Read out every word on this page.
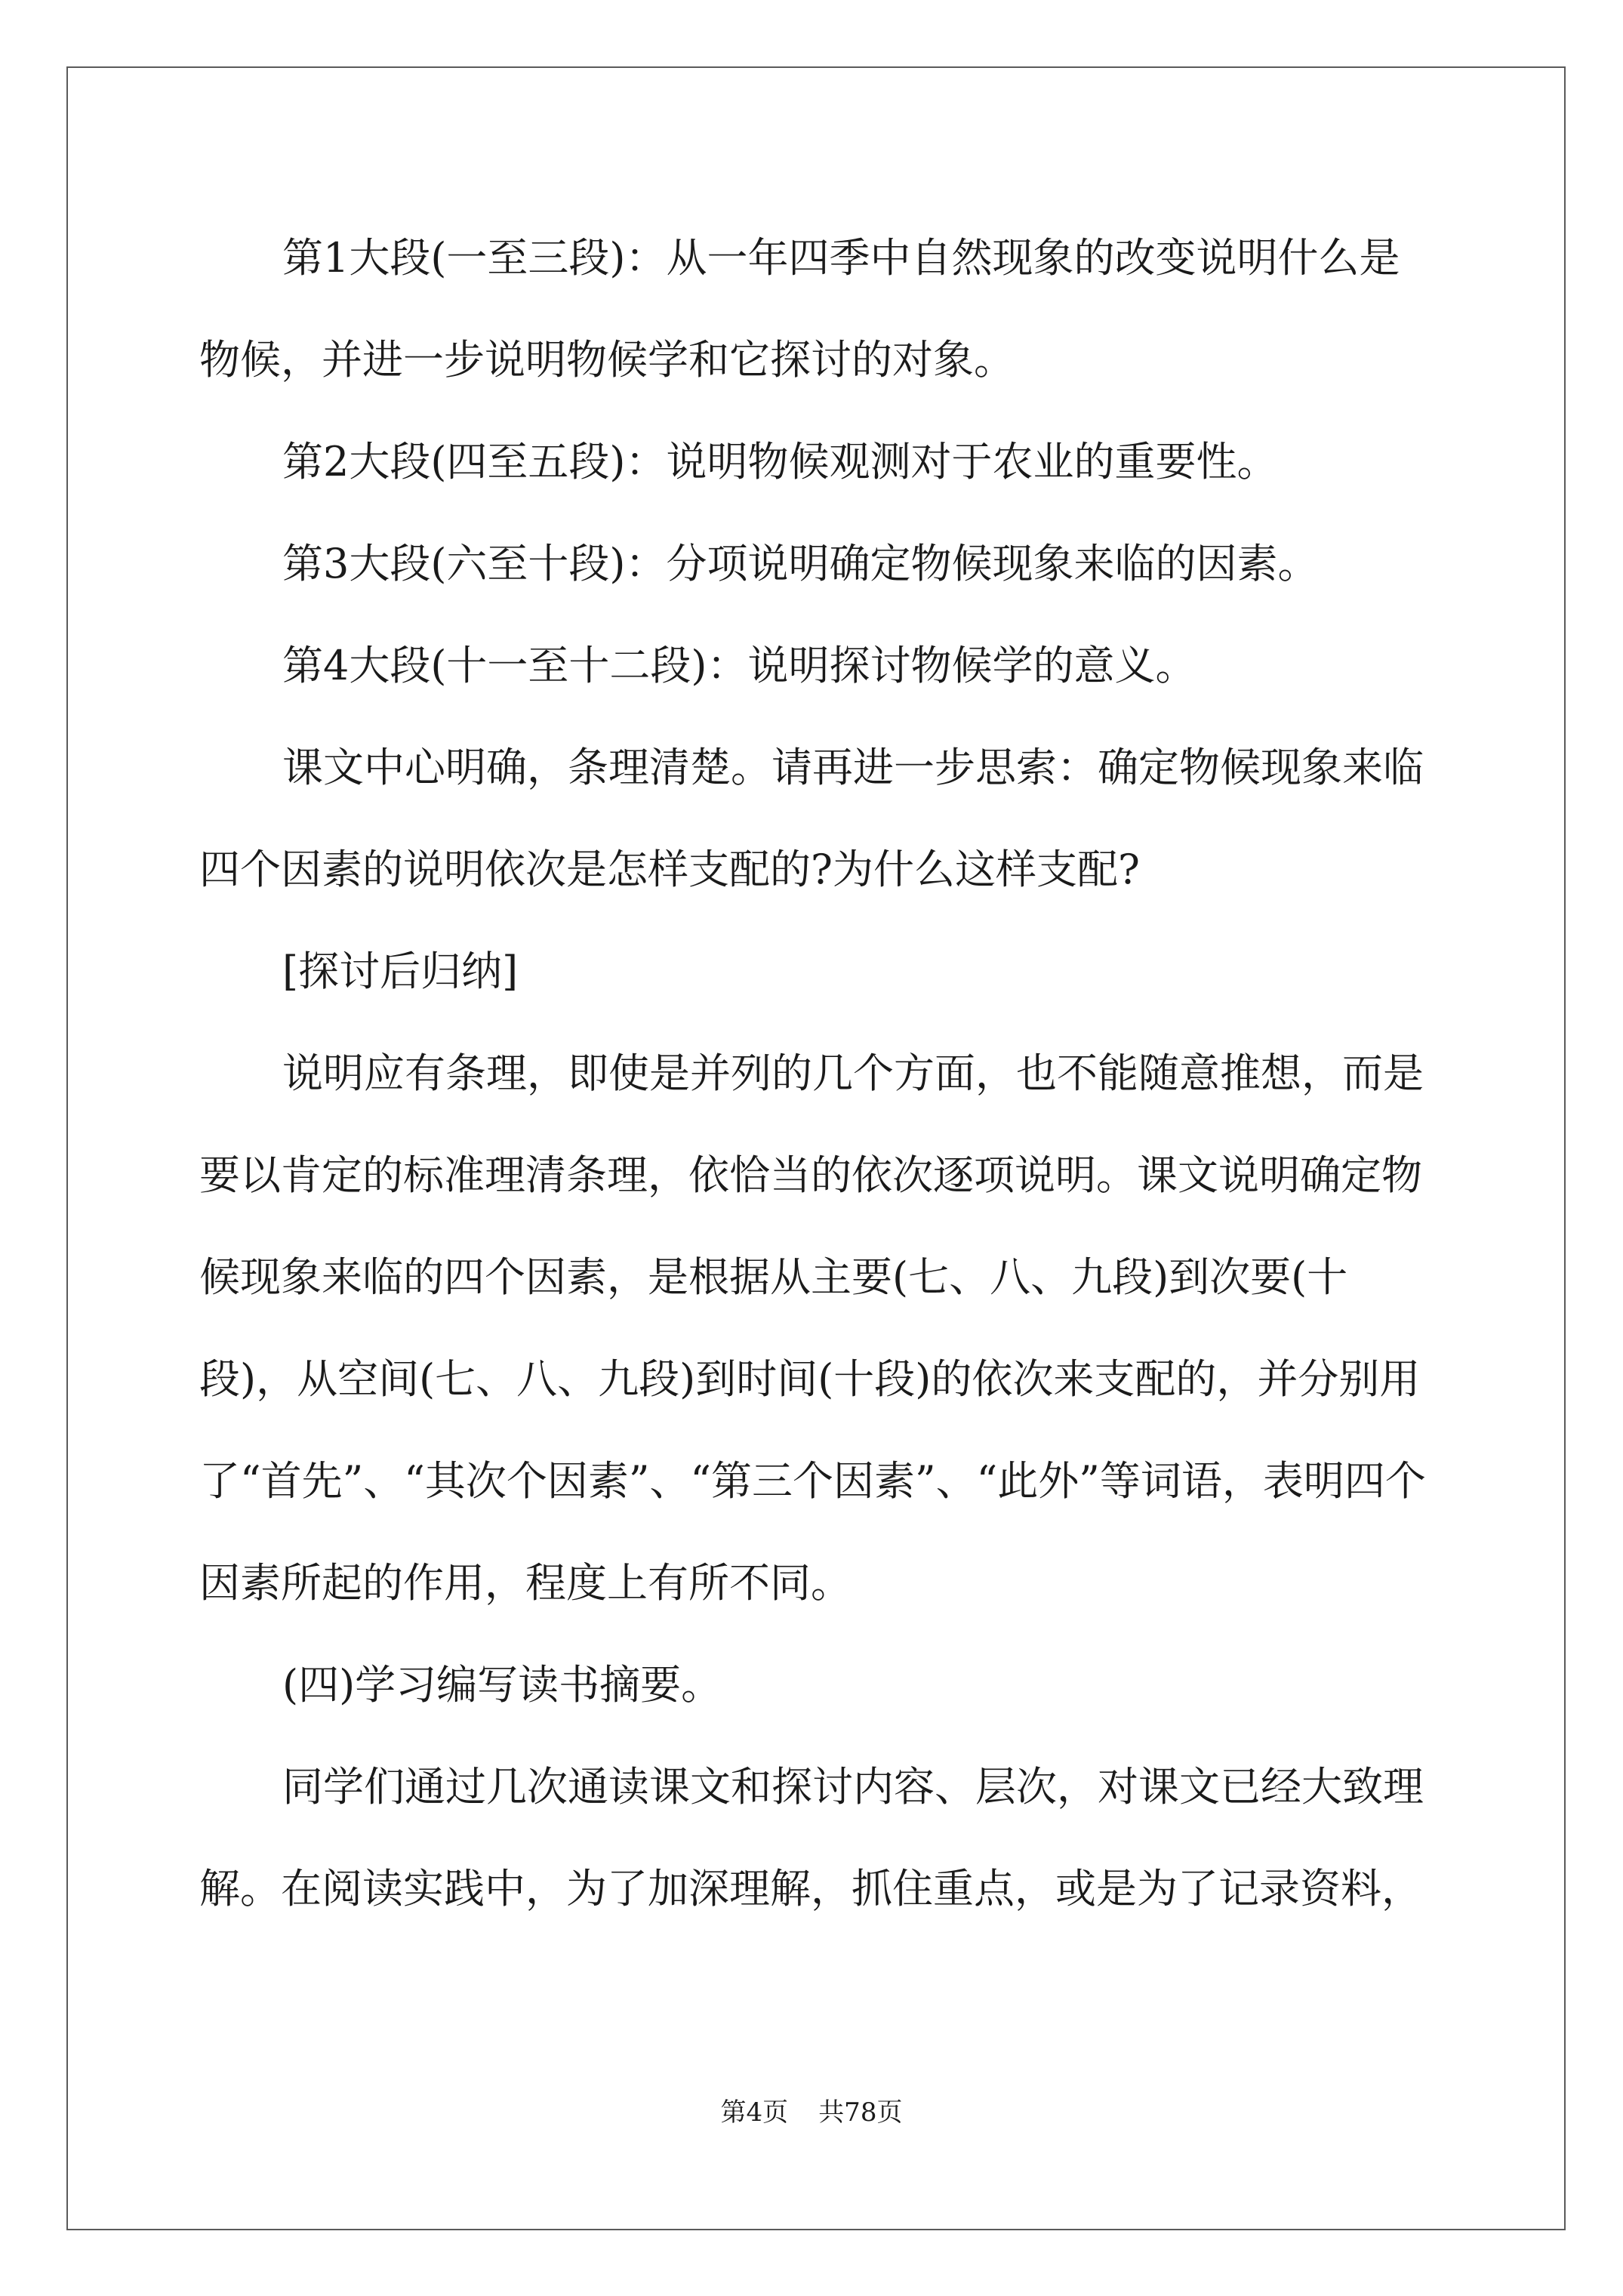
第1大段(一至三段)：从一年四季中自然现象的改变说明什么是物候，并进一步说明物候学和它探讨的对象。

第2大段(四至五段)：说明物候观测对于农业的重要性。

第3大段(六至十段)：分项说明确定物候现象来临的因素。

第4大段(十一至十二段)：说明探讨物候学的意义。

课文中心明确，条理清楚。请再进一步思索：确定物候现象来临四个因素的说明依次是怎样支配的?为什么这样支配?

[探讨后归纳]

说明应有条理，即使是并列的几个方面，也不能随意推想，而是要以肯定的标准理清条理，依恰当的依次逐项说明。课文说明确定物候现象来临的四个因素，是根据从主要(七、八、九段)到次要(十段)，从空间(七、八、九段)到时间(十段)的依次来支配的，并分别用了“首先”、“其次个因素”、“第三个因素”、“此外”等词语，表明四个因素所起的作用，程度上有所不同。

(四)学习编写读书摘要。

同学们通过几次通读课文和探讨内容、层次，对课文已经大致理解。在阅读实践中，为了加深理解，抓住重点，或是为了记录资料，

第4页 共78页
